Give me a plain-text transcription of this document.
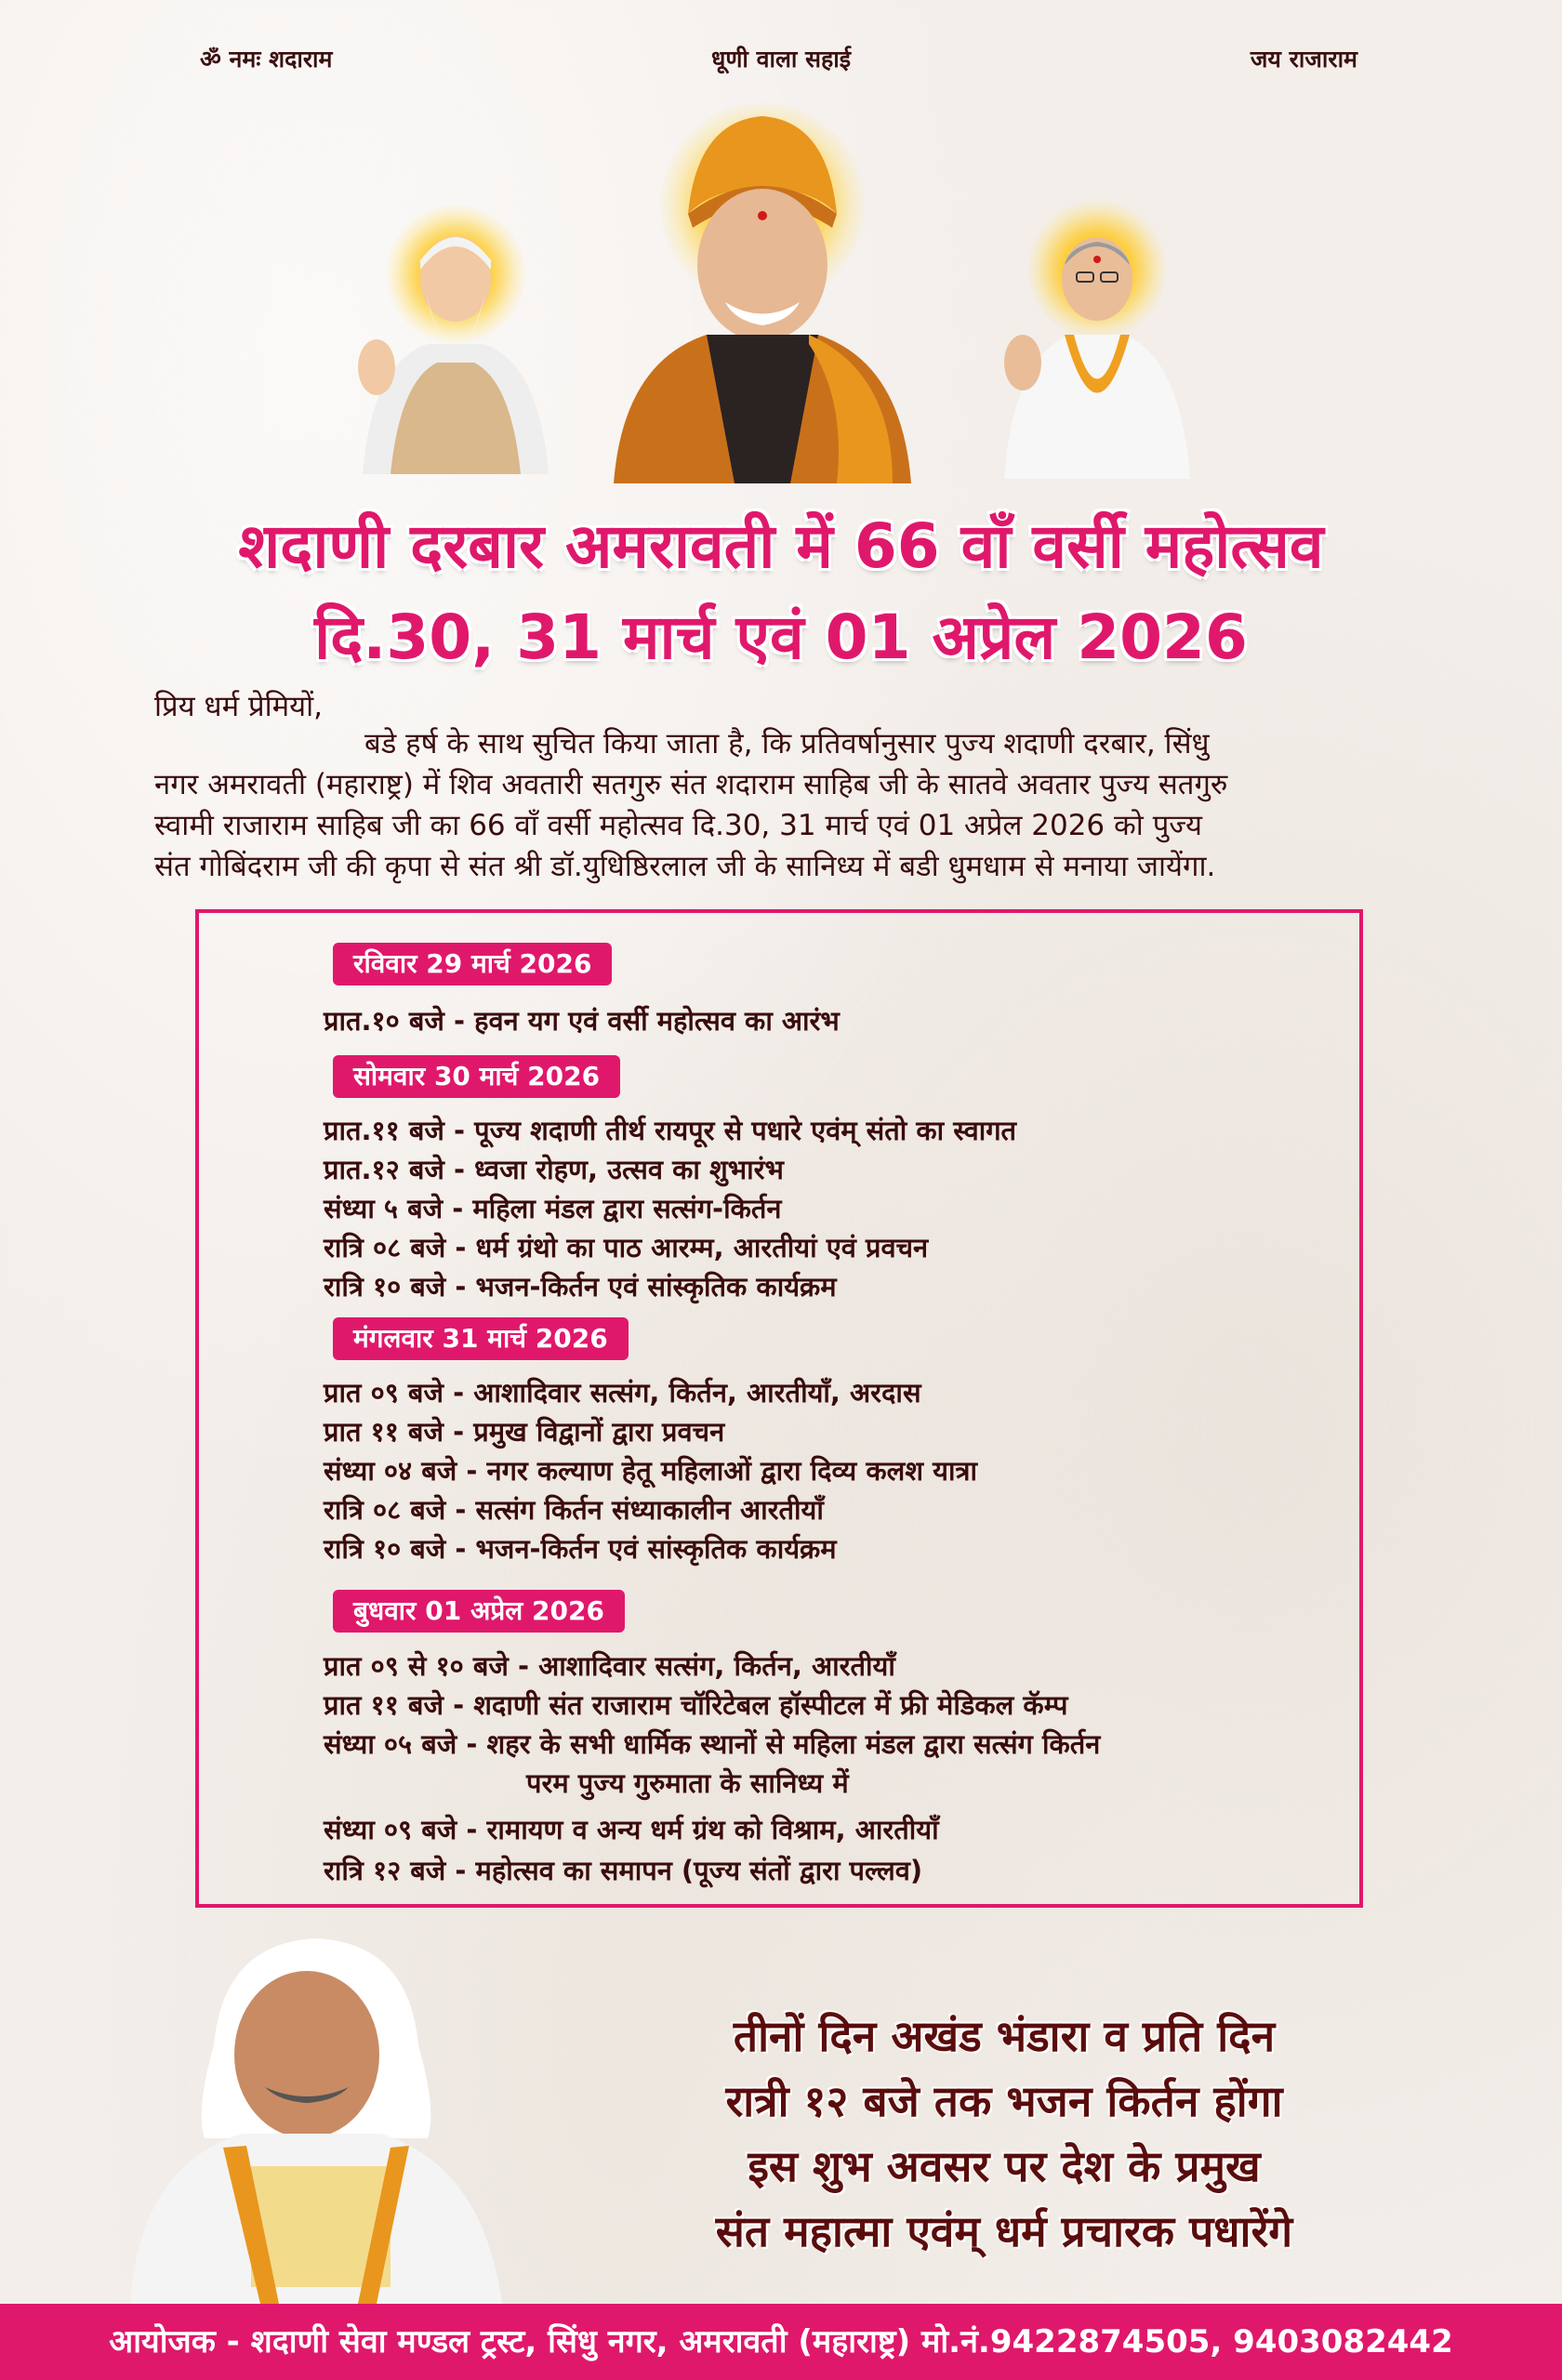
ॐ नमः शदाराम	धूणी वाला सहाई	जय राजाराम
शदाणी दरबार अमरावती में 66 वाँ वर्सी महोत्सव
दि.30, 31 मार्च एवं 01 अप्रेल 2026
प्रिय धर्म प्रेमियों,
बडे हर्ष के साथ सुचित किया जाता है, कि प्रतिवर्षानुसार पुज्य शदाणी दरबार, सिंधु
नगर अमरावती (महाराष्ट्र) में शिव अवतारी सतगुरु संत शदाराम साहिब जी के सातवे अवतार पुज्य सतगुरु
स्वामी राजाराम साहिब जी का 66 वाँ वर्सी महोत्सव दि.30, 31 मार्च एवं 01 अप्रेल 2026 को पुज्य
संत गोबिंदराम जी की कृपा से संत श्री डॉ.युधिष्ठिरलाल जी के सानिध्य में बडी धुमधाम से मनाया जायेंगा.
रविवार 29 मार्च 2026
प्रात.१० बजे - हवन यग एवं वर्सी महोत्सव का आरंभ
सोमवार 30 मार्च 2026
प्रात.११ बजे - पूज्य शदाणी तीर्थ रायपूर से पधारे एवंम् संतो का स्वागत
प्रात.१२ बजे - ध्वजा रोहण, उत्सव का शुभारंभ
संध्या ५ बजे - महिला मंडल द्वारा सत्संग-किर्तन
रात्रि ०८ बजे - धर्म ग्रंथो का पाठ आरम्म, आरतीयां एवं प्रवचन
रात्रि १० बजे - भजन-किर्तन एवं सांस्कृतिक कार्यक्रम
मंगलवार 31 मार्च 2026
प्रात ०९ बजे - आशादिवार सत्संग, किर्तन, आरतीयाँ, अरदास
प्रात ११ बजे - प्रमुख विद्वानों द्वारा प्रवचन
संध्या ०४ बजे - नगर कल्याण हेतू महिलाओं द्वारा दिव्य कलश यात्रा
रात्रि ०८ बजे - सत्संग किर्तन संध्याकालीन आरतीयाँ
रात्रि १० बजे - भजन-किर्तन एवं सांस्कृतिक कार्यक्रम
बुधवार 01 अप्रेल 2026
प्रात ०९ से १० बजे - आशादिवार सत्संग, किर्तन, आरतीयाँ
प्रात ११ बजे - शदाणी संत राजाराम चॉरिटेबल हॉस्पीटल में फ्री मेडिकल कॅम्प
संध्या ०५ बजे - शहर के सभी धार्मिक स्थानों से महिला मंडल द्वारा सत्संग किर्तन
परम पुज्य गुरुमाता के सानिध्य में
संध्या ०९ बजे - रामायण व अन्य धर्म ग्रंथ को विश्राम, आरतीयाँ
रात्रि १२ बजे - महोत्सव का समापन (पूज्य संतों द्वारा पल्लव)
तीनों दिन अखंड भंडारा व प्रति दिन
रात्री १२ बजे तक भजन किर्तन होंगा
इस शुभ अवसर पर देश के प्रमुख
संत महात्मा एवंम् धर्म प्रचारक पधारेंगे
आयोजक - शदाणी सेवा मण्डल ट्रस्ट, सिंधु नगर, अमरावती (महाराष्ट्र) मो.नं.9422874505, 9403082442
